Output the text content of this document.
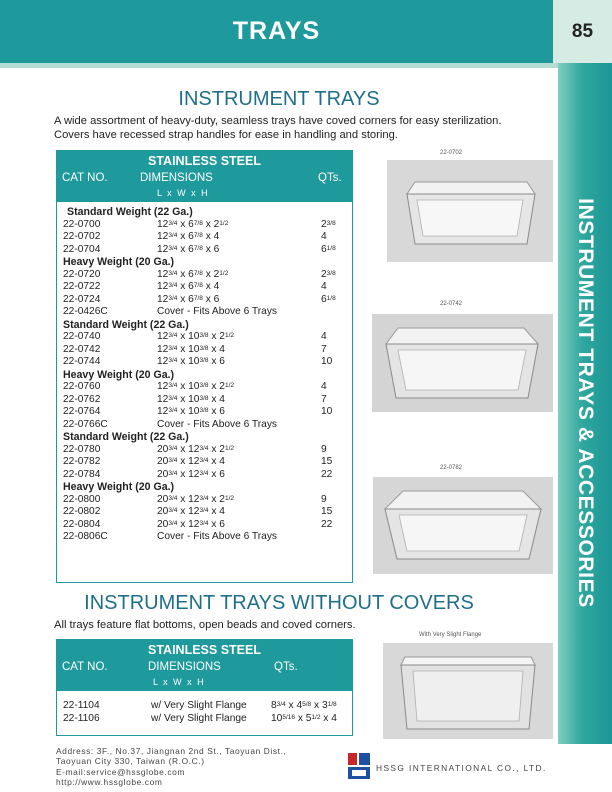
TRAYS	85
INSTRUMENT TRAYS & ACCESSORIES
INSTRUMENT TRAYS
A wide assortment of heavy-duty, seamless trays have coved corners for easy sterilization.
Covers have recessed strap handles for ease in handling and storing.
STAINLESS STEEL
CAT NO.	DIMENSIONS	QTs.
L x W x H
Standard Weight (22 Ga.)
22-0700	$12^{3/4}$ x $6^{7/8}$ x $2^{1/2}$	$2^{3/8}$
22-0702	$12^{3/4}$ x $6^{7/8}$ x 4	4
22-0704	$12^{3/4}$ x $6^{7/8}$ x 6	$6^{1/8}$
Heavy Weight (20 Ga.)
22-0720	$12^{3/4}$ x $6^{7/8}$ x $2^{1/2}$	$2^{3/8}$
22-0722	$12^{3/4}$ x $6^{7/8}$ x 4	4
22-0724	$12^{3/4}$ x $6^{7/8}$ x 6	$6^{1/8}$
22-0426C	Cover - Fits Above 6 Trays
Standard Weight (22 Ga.)
22-0740	$12^{3/4}$ x $10^{3/8}$ x $2^{1/2}$	4
22-0742	$12^{3/4}$ x $10^{3/8}$ x 4	7
22-0744	$12^{3/4}$ x $10^{3/8}$ x 6	10
Heavy Weight (20 Ga.)
22-0760	$12^{3/4}$ x $10^{3/8}$ x $2^{1/2}$	4
22-0762	$12^{3/4}$ x $10^{3/8}$ x 4	7
22-0764	$12^{3/4}$ x $10^{3/8}$ x 6	10
22-0766C	Cover - Fits Above 6 Trays
Standard Weight (22 Ga.)
22-0780	$20^{3/4}$ x $12^{3/4}$ x $2^{1/2}$	9
22-0782	$20^{3/4}$ x $12^{3/4}$ x 4	15
22-0784	$20^{3/4}$ x $12^{3/4}$ x 6	22
Heavy Weight (20 Ga.)
22-0800	$20^{3/4}$ x $12^{3/4}$ x $2^{1/2}$	9
22-0802	$20^{3/4}$ x $12^{3/4}$ x 4	15
22-0804	$20^{3/4}$ x $12^{3/4}$ x 6	22
22-0806C	Cover - Fits Above 6 Trays
22-0702
22-0742
22-0782
INSTRUMENT TRAYS WITHOUT COVERS
All trays feature flat bottoms, open beads and coved corners.
STAINLESS STEEL
CAT NO.	DIMENSIONS	QTs.
L x W x H
22-1104	w/ Very Slight Flange $8^{3/4}$ x $4^{5/8}$ x $3^{1/8}$
22-1106	w/ Very Slight Flange $10^{5/16}$ x $5^{1/2}$ x 4
With Very Slight Flange
Address: 3F., No.37, Jiangnan 2nd St., Taoyuan Dist.,
Taoyuan City 330, Taiwan (R.O.C.)
E-mail:service@hssglobe.com
http://www.hssglobe.com
HSSG INTERNATIONAL CO., LTD.
